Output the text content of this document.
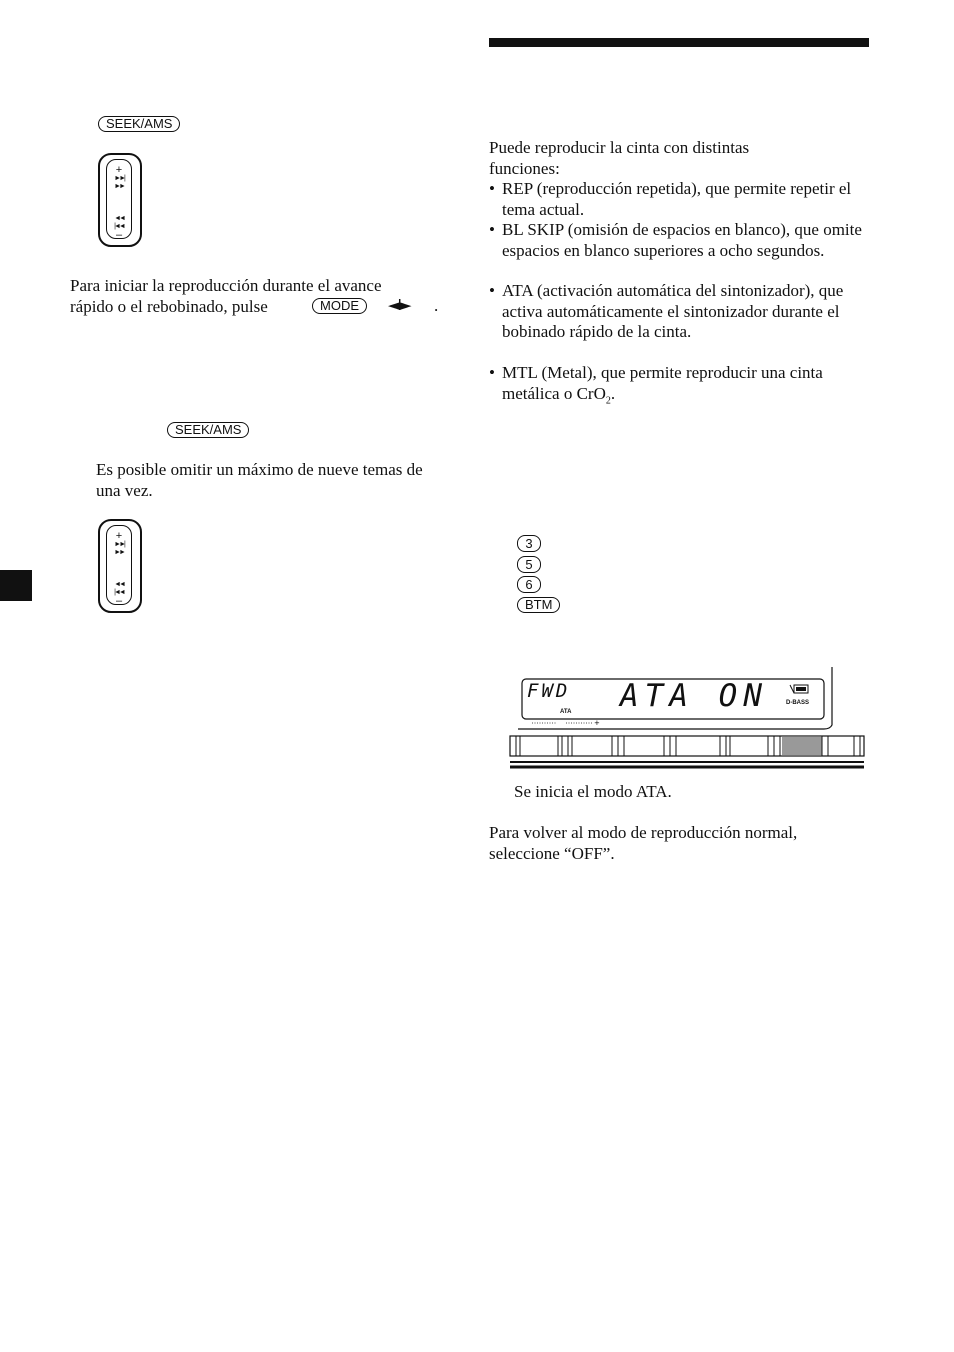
SEEK/AMS
+
►►|
►►
◄◄
|◄◄
–
Para iniciar la reproducción durante el avance
rápido o el rebobinado, pulse	MODE	◄I► .
SEEK/AMS
Es posible omitir un máximo de nueve temas de una vez.
+
►►|
►►
◄◄
|◄◄
–
Puede reproducir la cinta con distintas funciones:
• REP (reproducción repetida), que permite repetir el tema actual.
• BL SKIP (omisión de espacios en blanco), que omite espacios en blanco superiores a ocho segundos.
• ATA (activación automática del sintonizador), que activa automáticamente el sintonizador durante el bobinado rápido de la cinta.
• MTL (Metal), que permite reproducir una cinta metálica o CrO$_2$.
3
5
6
BTM
+
FWD ATA ON
ATA
D-BASS
Se inicia el modo ATA.
Para volver al modo de reproducción normal, seleccione “OFF”.
